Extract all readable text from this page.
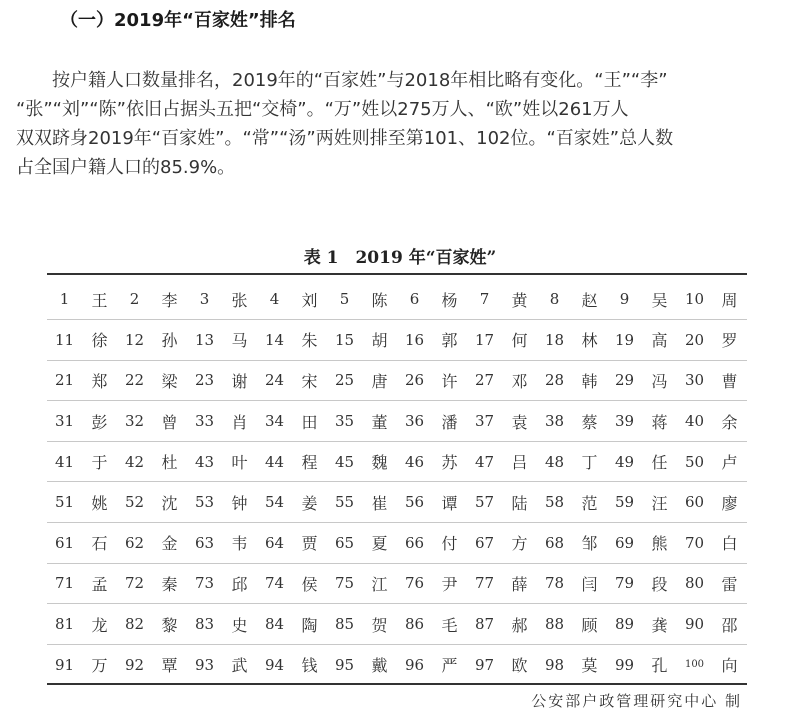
（一）2019年“百家姓”排名

按户籍人口数量排名，2019年的“百家姓”与2018年相比略有变化。“王”“李”

“张”“刘”“陈”依旧占据头五把“交椅”。“万”姓以275万人、“欧”姓以261万人

双双跻身2019年“百家姓”。“常”“汤”两姓则排至第101、102位。“百家姓”总人数

占全国户籍人口的85.9%。

表 1　2019 年“百家姓”
1	王	2	李	3	张	4	刘	5	陈	6	杨	7	黄	8	赵	9	吴	10	周
11	徐	12	孙	13	马	14	朱	15	胡	16	郭	17	何	18	林	19	高	20	罗
21	郑	22	梁	23	谢	24	宋	25	唐	26	许	27	邓	28	韩	29	冯	30	曹
31	彭	32	曾	33	肖	34	田	35	董	36	潘	37	袁	38	蔡	39	蒋	40	余
41	于	42	杜	43	叶	44	程	45	魏	46	苏	47	吕	48	丁	49	任	50	卢
51	姚	52	沈	53	钟	54	姜	55	崔	56	谭	57	陆	58	范	59	汪	60	廖
61	石	62	金	63	韦	64	贾	65	夏	66	付	67	方	68	邹	69	熊	70	白
71	孟	72	秦	73	邱	74	侯	75	江	76	尹	77	薛	78	闫	79	段	80	雷
81	龙	82	黎	83	史	84	陶	85	贺	86	毛	87	郝	88	顾	89	龚	90	邵
91	万	92	覃	93	武	94	钱	95	戴	96	严	97	欧	98	莫	99	孔	100	向
公安部户政管理研究中心 制
